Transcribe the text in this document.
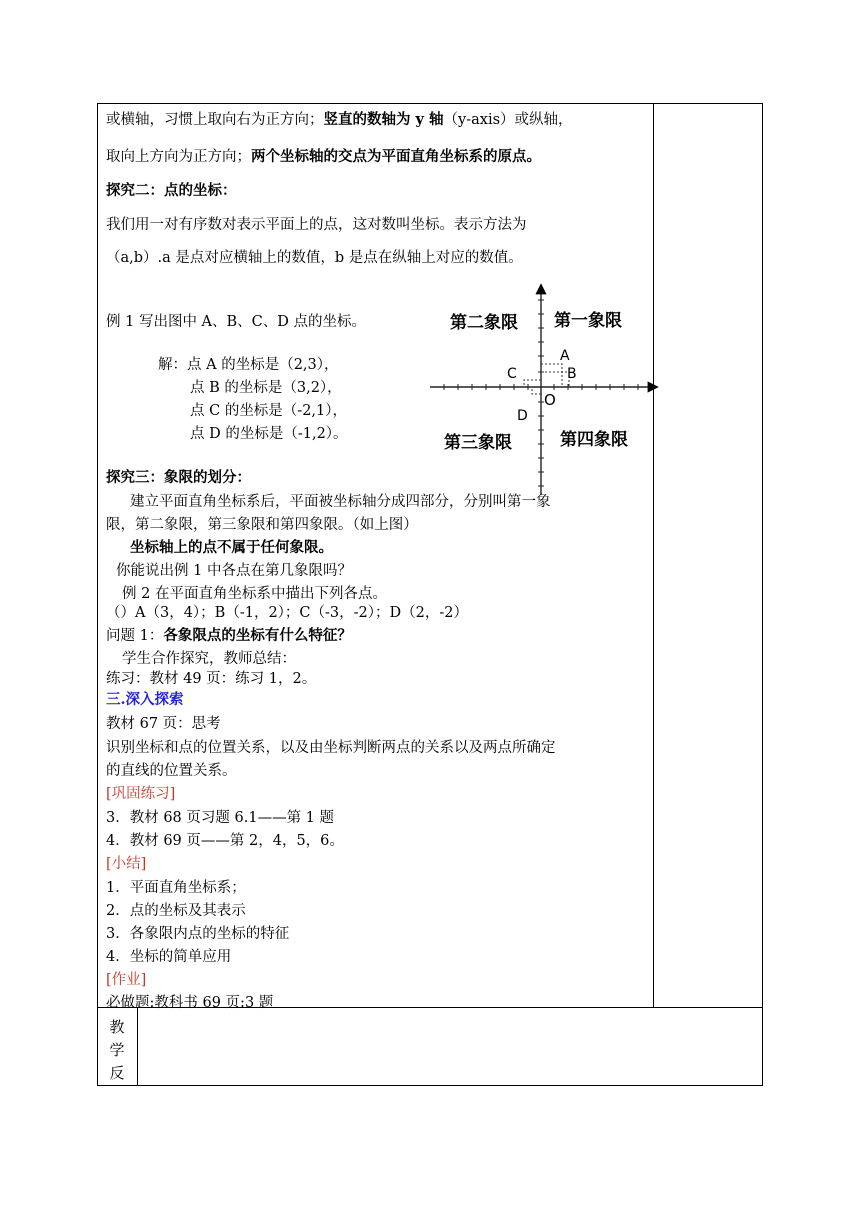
或横轴，习惯上取向右为正方向；竖直的数轴为 y 轴（y-axis）或纵轴，
取向上方向为正方向；两个坐标轴的交点为平面直角坐标系的原点。
探究二：点的坐标：
我们用一对有序数对表示平面上的点，这对数叫坐标。表示方法为
（a,b）.a 是点对应横轴上的数值，b 是点在纵轴上对应的数值。
例 1 写出图中 A、B、C、D 点的坐标。
解：点 A 的坐标是（2,3），
点 B 的坐标是（3,2），
点 C 的坐标是（-2,1），
点 D 的坐标是（-1,2）。
探究三：象限的划分：
建立平面直角坐标系后，平面被坐标轴分成四部分，分别叫第一象
限，第二象限，第三象限和第四象限。（如上图）
坐标轴上的点不属于任何象限。
你能说出例 1 中各点在第几象限吗？
例 2 在平面直角坐标系中描出下列各点。
（）A（3，4）；B（-1，2）；C（-3，-2）；D（2，-2）
问题 1：各象限点的坐标有什么特征？
学生合作探究，教师总结：
练习：教材 49 页：练习 1，2。
三.深入探索
教材 67 页：思考
识别坐标和点的位置关系，以及由坐标判断两点的关系以及两点所确定
的直线的位置关系。
[巩固练习]
3．教材 68 页习题 6.1——第 1 题
4．教材 69 页——第 2，4，5，6。
[小结]
1．平面直角坐标系；
2．点的坐标及其表示
3．各象限内点的坐标的特征
4．坐标的简单应用
[作业]
必做题:教科书 69 页:3 题
第二象限 第一象限
第三象限	第四象限
A
B
C
D
O
教
学
反
